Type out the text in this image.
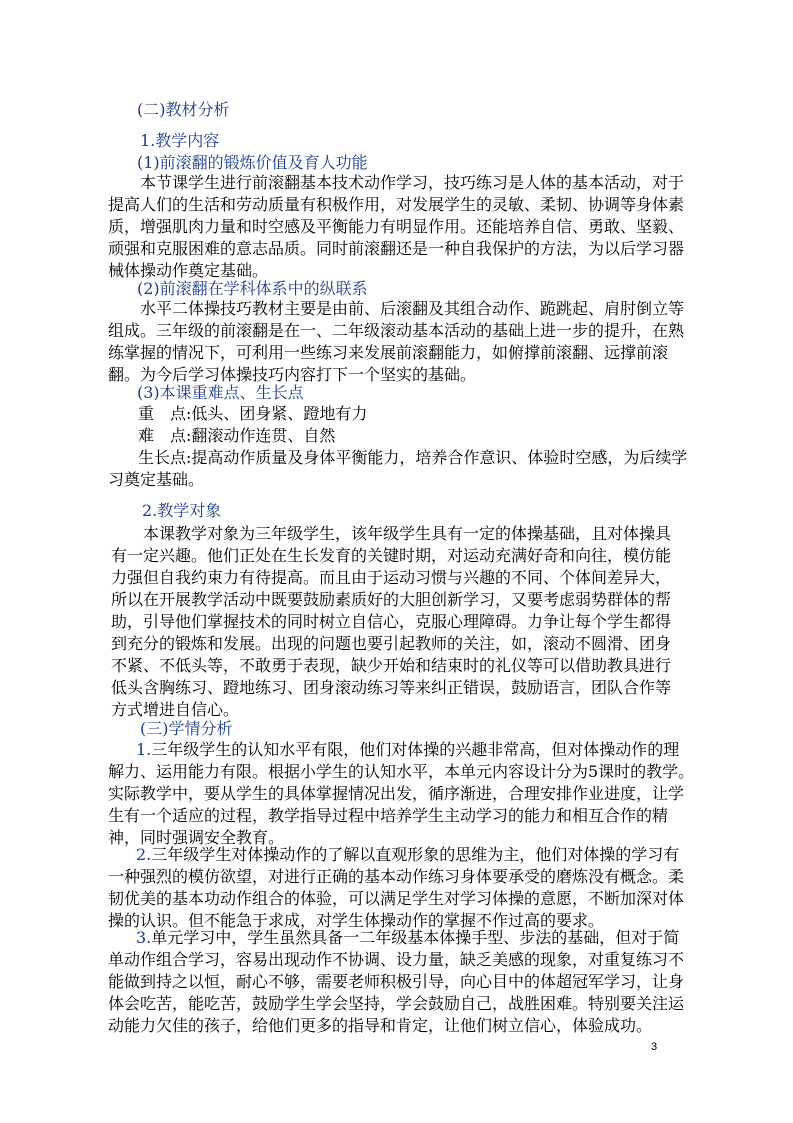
(二)教材分析
1.教学内容
(1)前滚翻的锻炼价值及育人功能
本节课学生进行前滚翻基本技术动作学习，技巧练习是人体的基本活动，对于
提高人们的生活和劳动质量有积极作用，对发展学生的灵敏、柔韧、协调等身体素
质，增强肌肉力量和时空感及平衡能力有明显作用。还能培养自信、勇敢、坚毅、
顽强和克服困难的意志品质。同时前滚翻还是一种自我保护的方法，为以后学习器
械体操动作奠定基础。
(2)前滚翻在学科体系中的纵联系
水平二体操技巧教材主要是由前、后滚翻及其组合动作、跪跳起、肩肘倒立等
组成。三年级的前滚翻是在一、二年级滚动基本活动的基础上进一步的提升，在熟
练掌握的情况下，可利用一些练习来发展前滚翻能力，如俯撑前滚翻、远撑前滚
翻。为今后学习体操技巧内容打下一个坚实的基础。
(3)本课重难点、生长点
重　点:低头、团身紧、蹬地有力
难　点:翻滚动作连贯、自然
生长点:提高动作质量及身体平衡能力，培养合作意识、体验时空感，为后续学
习奠定基础。
2.教学对象
本课教学对象为三年级学生，该年级学生具有一定的体操基础，且对体操具
有一定兴趣。他们正处在生长发育的关键时期，对运动充满好奇和向往，模仿能
力强但自我约束力有待提高。而且由于运动习惯与兴趣的不同、个体间差异大，
所以在开展教学活动中既要鼓励素质好的大胆创新学习，又要考虑弱势群体的帮
助，引导他们掌握技术的同时树立自信心，克服心理障碍。力争让每个学生都得
到充分的锻炼和发展。出现的问题也要引起教师的关注，如，滚动不圆滑、团身
不紧、不低头等，不敢勇于表现，缺少开始和结束时的礼仪等可以借助教具进行
低头含胸练习、蹬地练习、团身滚动练习等来纠正错误，鼓励语言，团队合作等
方式增进自信心。
(三)学情分析
1.三年级学生的认知水平有限，他们对体操的兴趣非常高，但对体操动作的理
解力、运用能力有限。根据小学生的认知水平，本单元内容设计分为5课时的教学。
实际教学中，要从学生的具体掌握情况出发，循序渐进，合理安排作业进度，让学
生有一个适应的过程，教学指导过程中培养学生主动学习的能力和相互合作的精
神，同时强调安全教育。
2.三年级学生对体操动作的了解以直观形象的思维为主，他们对体操的学习有
一种强烈的模仿欲望，对进行正确的基本动作练习身体要承受的磨炼没有概念。柔
韧优美的基本功动作组合的体验，可以满足学生对学习体操的意愿，不断加深对体
操的认识。但不能急于求成，对学生体操动作的掌握不作过高的要求。
3.单元学习中，学生虽然具备一二年级基本体操手型、步法的基础，但对于简
单动作组合学习，容易出现动作不协调、设力量，缺乏美感的现象，对重复练习不
能做到持之以恒，耐心不够，需要老师积极引导，向心目中的体超冠军学习，让身
体会吃苦，能吃苦，鼓励学生学会坚持，学会鼓励自己，战胜困难。特别要关注运
动能力欠佳的孩子，给他们更多的指导和肯定，让他们树立信心，体验成功。
3
